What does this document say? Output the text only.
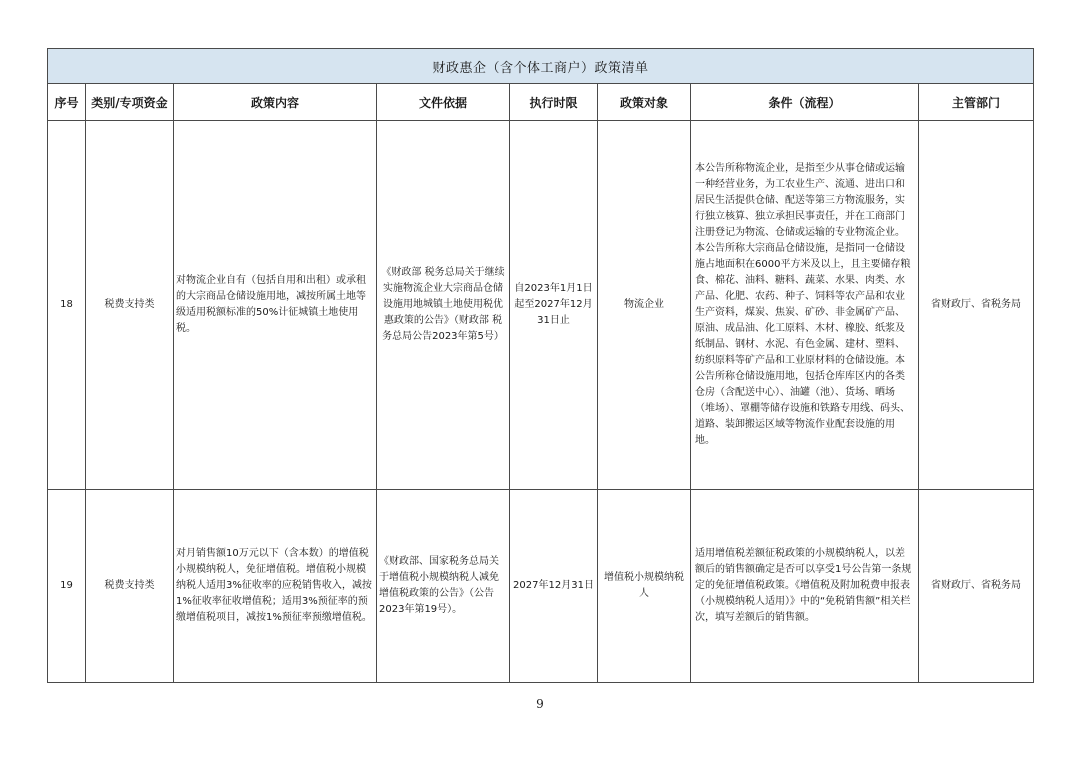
财政惠企（含个体工商户）政策清单							
序号	类别/专项资金	政策内容	文件依据	执行时限	政策对象	条件（流程）	主管部门
18	税费支持类	对物流企业自有（包括自用和出租）或承租的大宗商品仓储设施用地，减按所属土地等级适用税额标准的50%计征城镇土地使用税。	《财政部 税务总局关于继续实施物流企业大宗商品仓储设施用地城镇土地使用税优惠政策的公告》（财政部 税务总局公告2023年第5号）	自2023年1月1日起至2027年12月31日止	物流企业	本公告所称物流企业，是指至少从事仓储或运输一种经营业务，为工农业生产、流通、进出口和居民生活提供仓储、配送等第三方物流服务，实行独立核算、独立承担民事责任，并在工商部门注册登记为物流、仓储或运输的专业物流企业。本公告所称大宗商品仓储设施，是指同一仓储设施占地面积在6000平方米及以上，且主要储存粮食、棉花、油料、糖料、蔬菜、水果、肉类、水产品、化肥、农药、种子、饲料等农产品和农业生产资料，煤炭、焦炭、矿砂、非金属矿产品、原油、成品油、化工原料、木材、橡胶、纸浆及纸制品、钢材、水泥、有色金属、建材、塑料、纺织原料等矿产品和工业原材料的仓储设施。本公告所称仓储设施用地，包括仓库库区内的各类仓房（含配送中心）、油罐（池）、货场、晒场（堆场）、罩棚等储存设施和铁路专用线、码头、道路、装卸搬运区域等物流作业配套设施的用地。	省财政厅、省税务局
19	税费支持类	对月销售额10万元以下（含本数）的增值税小规模纳税人，免征增值税。增值税小规模纳税人适用3%征收率的应税销售收入，减按1%征收率征收增值税；适用3%预征率的预缴增值税项目，减按1%预征率预缴增值税。	《财政部、国家税务总局关于增值税小规模纳税人减免增值税政策的公告》（公告2023年第19号）。	2027年12月31日	增值税小规模纳税人	适用增值税差额征税政策的小规模纳税人，以差额后的销售额确定是否可以享受1号公告第一条规定的免征增值税政策。《增值税及附加税费申报表（小规模纳税人适用）》中的“免税销售额”相关栏次，填写差额后的销售额。	省财政厅、省税务局
9
